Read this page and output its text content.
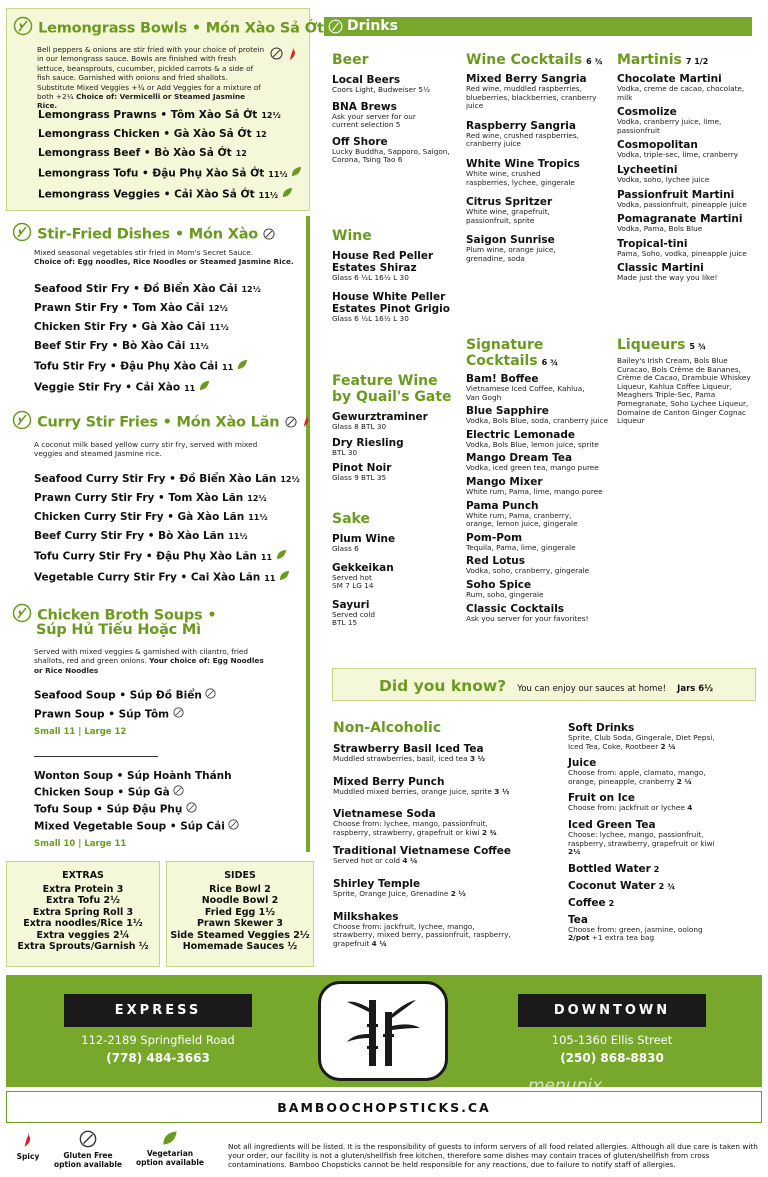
Lemongrass Bowls • Món Xào Sả Ớt
Bell peppers & onions are stir fried with your choice of protein in our lemongrass sauce. Bowls are finished with fresh lettuce, beansprouts, cucumber, pickled carrots & a side of fish sauce. Garnished with onions and fried shallots. Substitute Mixed Veggies +¾ or Add Veggies for a mixture of both +2¼ Choice of: Vermicelli or Steamed Jasmine Rice.
Lemongrass Prawns • Tôm Xào Sả Ớt 12½
Lemongrass Chicken • Gà Xào Sả Ớt 12
Lemongrass Beef • Bò Xào Sả Ớt 12
Lemongrass Tofu • Đậu Phụ Xào Sả Ớt 11½
Lemongrass Veggies • Cải Xào Sả Ớt 11½
Stir-Fried Dishes • Món Xào
Mixed seasonal vegetables stir fried in Mom's Secret Sauce.
Choice of: Egg noodles, Rice Noodles or Steamed Jasmine Rice.
Seafood Stir Fry • Đồ Biển Xào Cải 12½
Prawn Stir Fry • Tom Xào Cải 12½
Chicken Stir Fry • Gà Xào Cải 11½
Beef Stir Fry • Bò Xào Cải 11½
Tofu Stir Fry • Đậu Phụ Xào Cải 11
Veggie Stir Fry • Cải Xào 11
Curry Stir Fries • Món Xào Lăn
A coconut milk based yellow curry stir fry, served with mixed veggies and steamed Jasmine rice.
Seafood Curry Stir Fry • Đồ Biển Xào Lăn 12½
Prawn Curry Stir Fry • Tom Xào Lăn 12½
Chicken Curry Stir Fry • Gà Xào Lăn 11½
Beef Curry Stir Fry • Bò Xào Lăn 11½
Tofu Curry Stir Fry • Đậu Phụ Xào Lăn 11
Vegetable Curry Stir Fry • Cai Xào Lăn 11
Chicken Broth Soups •
Súp Hủ Tiếu Hoặc Mì
Served with mixed veggies & garnished with cilantro, fried shallots, red and green onions. Your choice of: Egg Noodles or Rice Noodles
Seafood Soup • Súp Đồ Biển
Prawn Soup • Súp Tôm
Small 11 | Large 12
Wonton Soup • Súp Hoành Thánh
Chicken Soup • Súp Gà
Tofu Soup • Súp Đậu Phụ
Mixed Vegetable Soup • Súp Cải
Small 10 | Large 11
EXTRAS
Extra Protein 3
Extra Tofu 2½
Extra Spring Roll 3
Extra noodles/Rice 1½
Extra veggies 2¼
Extra Sprouts/Garnish ½
SIDES
Rice Bowl 2
Noodle Bowl 2
Fried Egg 1½
Prawn Skewer 3
Side Steamed Veggies 2½
Homemade Sauces ½
Drinks
Beer
Local Beers
Coors Light, Budweiser 5½
BNA Brews
Ask your server for our current selection 5
Off Shore
Lucky Buddha, Sapporo, Saigon, Corona, Tsing Tao 6
Wine
House Red Peller Estates Shiraz
Glass 6 ½L 16½ L 30
House White Peller Estates Pinot Grigio
Glass 6 ½L 16½ L 30
Feature Wine
by Quail's Gate
Gewurztraminer
Glass 8 BTL 30
Dry Riesling
BTL 30
Pinot Noir
Glass 9 BTL 35
Sake
Plum Wine
Glass 6
Gekkeikan
Served hot
SM 7 LG 14
Sayuri
Served cold
BTL 15
Wine Cocktails 6 ¾
Mixed Berry Sangria
Red wine, muddled raspberries, blueberries, blackberries, cranberry juice
Raspberry Sangria
Red wine, crushed raspberries, cranberry juice
White Wine Tropics
White wine, crushed raspberries, lychee, gingerale
Citrus Spritzer
White wine, grapefruit, passionfruit, sprite
Saigon Sunrise
Plum wine, orange juice, grenadine, soda
Signature
Cocktails 6 ¾
Bam! Boffee
Vietnamese Iced Coffee, Kahlua, Van Gogh
Blue Sapphire
Vodka, Bols Blue, soda, cranberry juice
Electric Lemonade
Vodka, Bols Blue, lemon juice, sprite
Mango Dream Tea
Vodka, iced green tea, mango puree
Mango Mixer
White rum, Pama, lime, mango puree
Pama Punch
White rum, Pama, cranberry, orange, lemon juice, gingerale
Pom-Pom
Tequila, Pama, lime, gingerale
Red Lotus
Vodka, soho, cranberry, gingerale
Soho Spice
Rum, soho, gingerale
Classic Cocktails
Ask you server for your favorites!
Martinis 7 1/2
Chocolate Martini
Vodka, creme de cacao, chocolate, milk
Cosmolize
Vodka, cranberry juice, lime, passionfruit
Cosmopolitan
Vodka, triple-sec, lime, cranberry
Lycheetini
Vodka, soho, lychee juice
Passionfruit Martini
Vodka, passionfruit, pineapple juice
Pomagranate Martini
Vodka, Pama, Bols Blue
Tropical-tini
Pama, Soho, vodka, pineapple juice
Classic Martini
Made just the way you like!
Liqueurs 5 ¾
Bailey's Irish Cream, Bols Blue Curacao, Bols Crème de Bananes, Crème de Cacao, Drambuie Whiskey Liqueur, Kahlua Coffee Liqueur, Meaghers Triple-Sec, Pama Pomegranate, Soho Lychee Liqueur, Domaine de Canton Ginger Cognac Liqueur
Did you know? You can enjoy our sauces at home! Jars 6½
Non-Alcoholic
Strawberry Basil Iced Tea
Muddled strawberries, basil, iced tea 3 ½
Mixed Berry Punch
Muddled mixed berries, orange juice, sprite 3 ½
Vietnamese Soda
Choose from: lychee, mango, passionfruit, raspberry, strawberry, grapefruit or kiwi 2 ¾
Traditional Vietnamese Coffee
Served hot or cold 4 ¼
Shirley Temple
Sprite, Orange Juice, Grenadine 2 ½
Milkshakes
Choose from: jackfruit, lychee, mango, strawberry, mixed berry, passionfruit, raspberry, grapefruit 4 ¼
Soft Drinks
Sprite, Club Soda, Gingerale, Diet Pepsi, Iced Tea, Coke, Rootbeer 2 ¼
Juice
Choose from: apple, clamato, mango, orange, pineapple, cranberry 2 ¼
Fruit on Ice
Choose from: jackfruit or lychee 4
Iced Green Tea
Choose: lychee, mango, passionfruit, raspberry, strawberry, grapefruit or kiwi 2¼
Bottled Water 2
Coconut Water 2 ¾
Coffee 2
Tea
Choose from: green, jasmine, oolong
2/pot +1 extra tea bag
EXPRESS
112-2189 Springfield Road
(778) 484-3663
DOWNTOWN
105-1360 Ellis Street
(250) 868-8830
menupix
BAMBOOCHOPSTICKS.CA
Spicy	Gluten Free
option available
Vegetarian
option available
Not all ingredients will be listed. It is the responsibility of guests to inform servers of all food related allergies. Although all due care is taken with your order, our facility is not a gluten/shellfish free kitchen, therefore some dishes may contain traces of gluten/shellfish from cross contaminations. Bamboo Chopsticks cannot be held responsible for any reactions, due to failure to notify staff of allergies.
